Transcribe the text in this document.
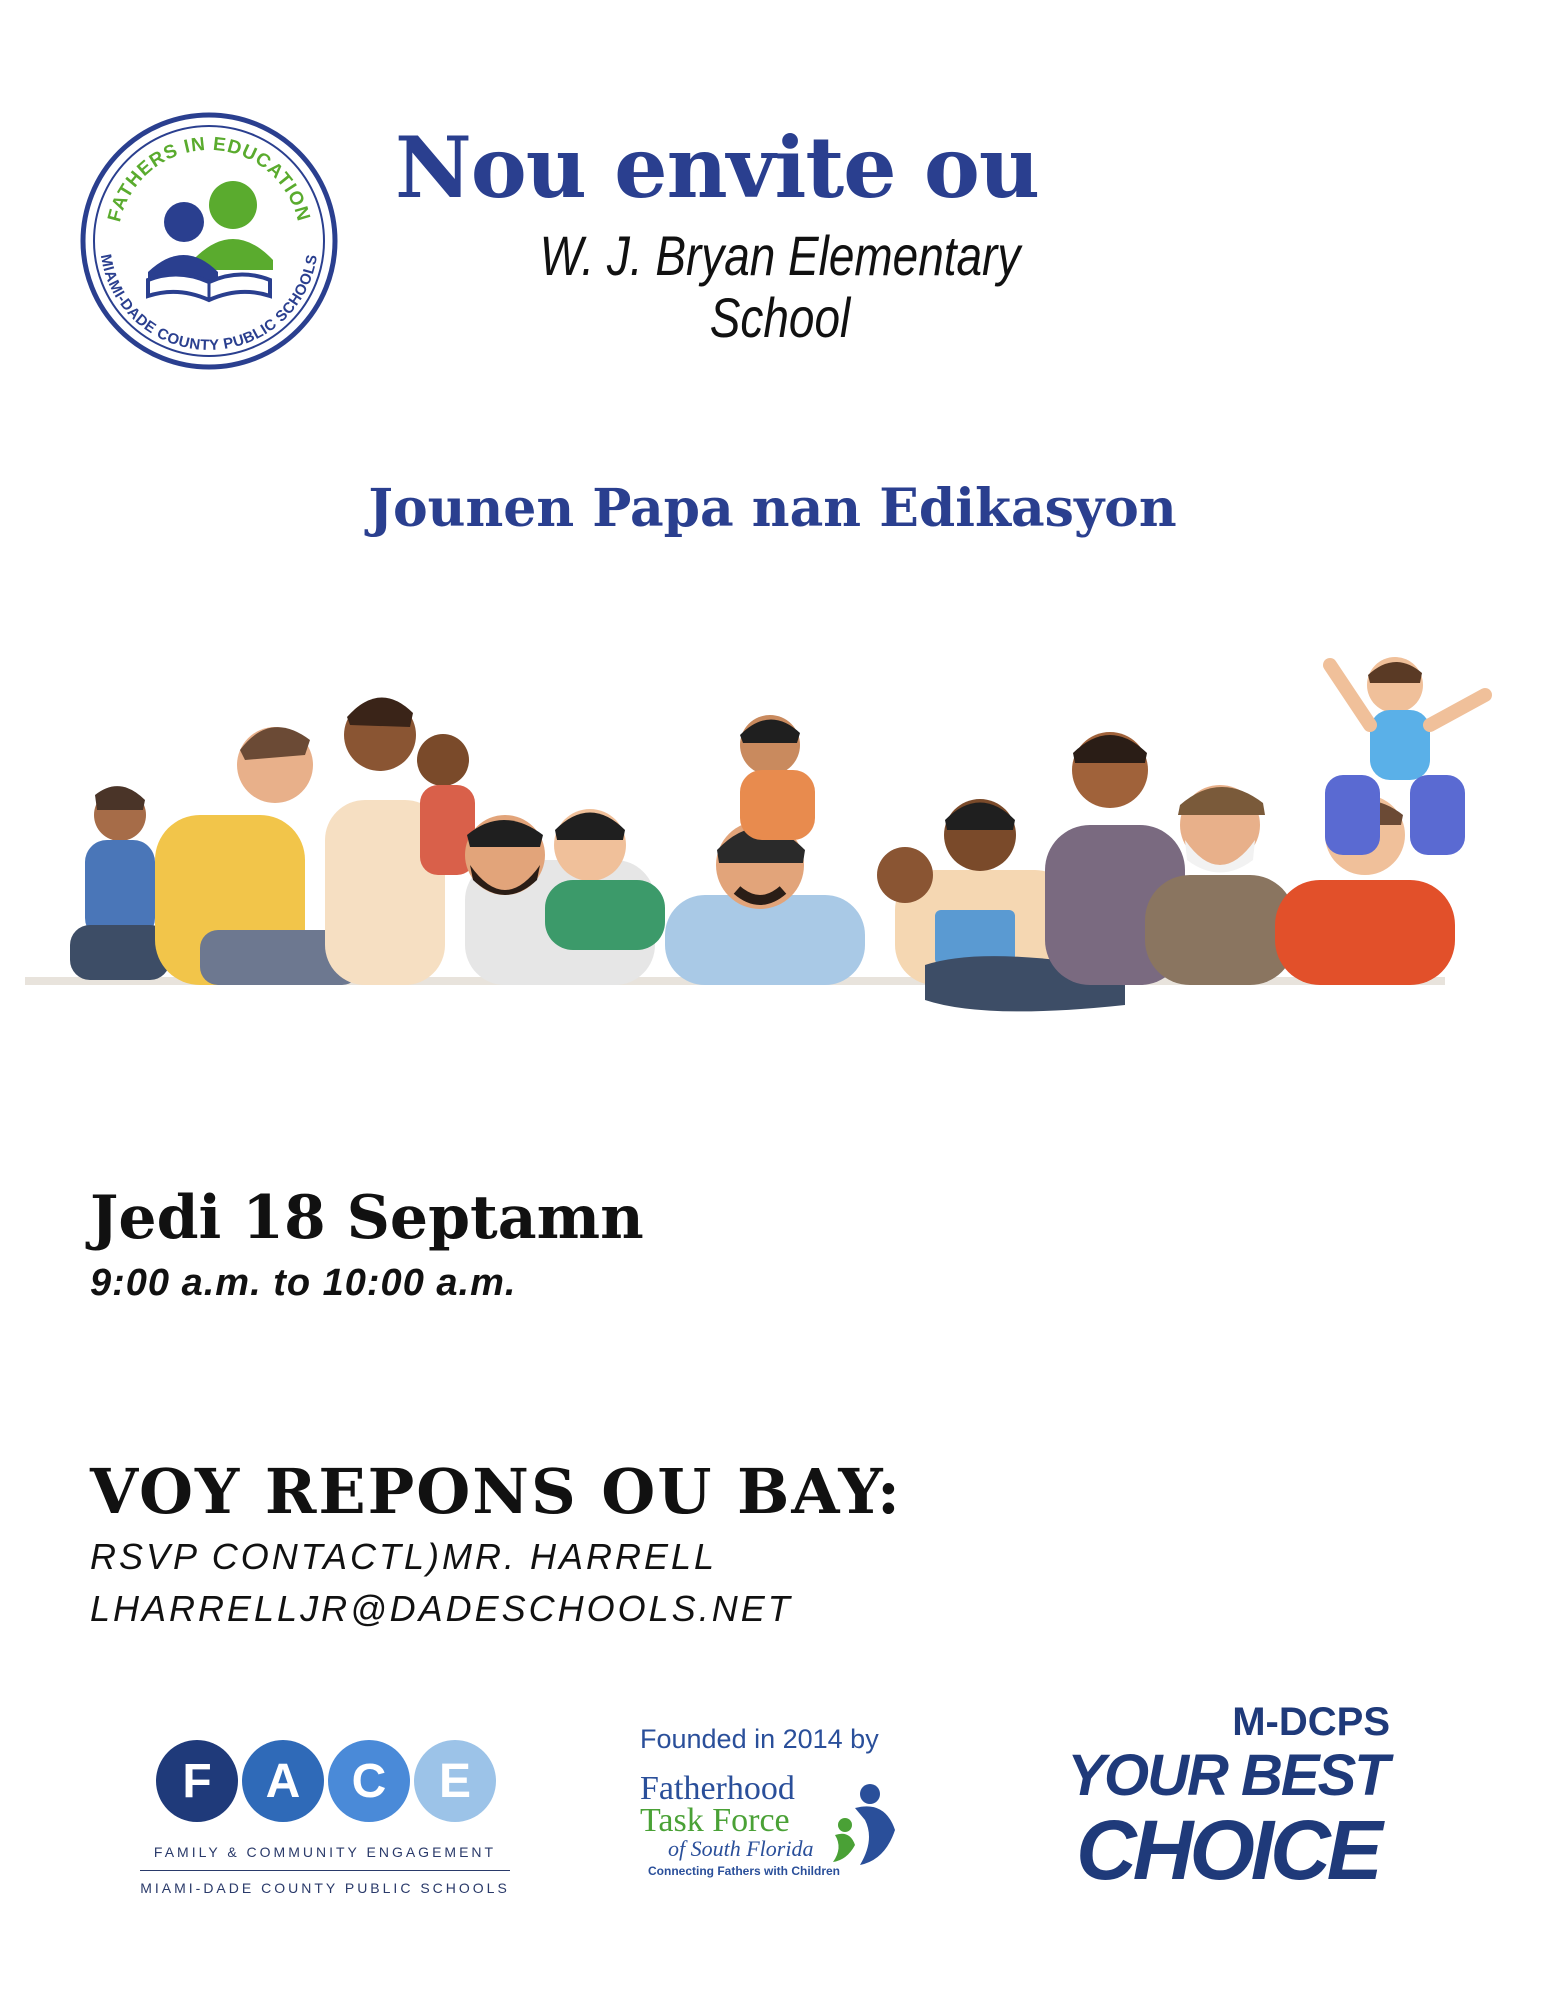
FATHERS IN EDUCATION
MIAMI-DADE COUNTY PUBLIC SCHOOLS
Nou envite ou
W. J. Bryan Elementary School
Jounen Papa nan Edikasyon
Jedi 18 Septamn
9:00 a.m. to 10:00 a.m.
VOY REPONS OU BAY:
RSVP CONTACTL)MR. HARRELL
LHARRELLJR@DADESCHOOLS.NET
F	A	C	E
FAMILY & COMMUNITY ENGAGEMENT
MIAMI-DADE COUNTY PUBLIC SCHOOLS
Founded in 2014 by
Fatherhood
Task Force
of South Florida
Connecting Fathers with Children
M-DCPS
YOUR BEST
CHOICE
